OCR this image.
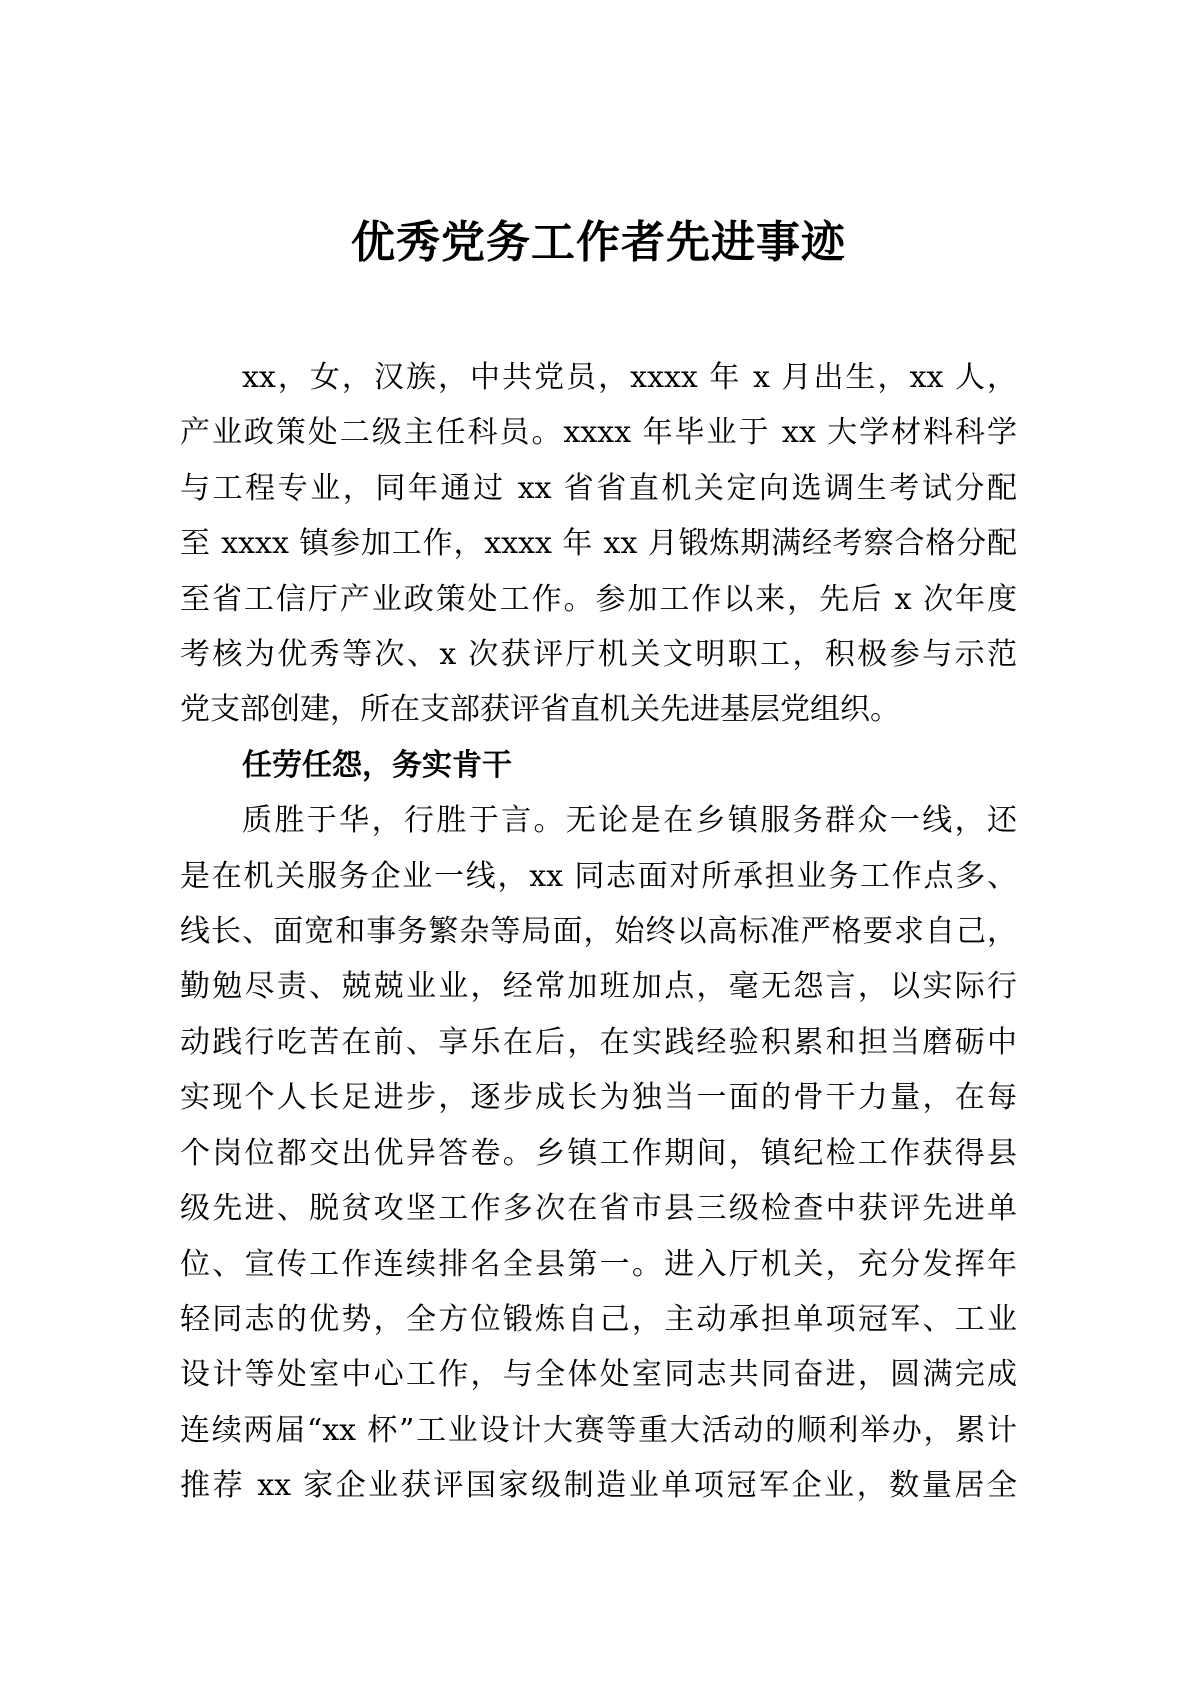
优秀党务工作者先进事迹
xx，女，汉族，中共党员，xxxx 年 x 月出生，xx 人，
产业政策处二级主任科员。xxxx 年毕业于 xx 大学材料科学
与工程专业，同年通过 xx 省省直机关定向选调生考试分配
至 xxxx 镇参加工作，xxxx 年 xx 月锻炼期满经考察合格分配
至省工信厅产业政策处工作。参加工作以来，先后 x 次年度
考核为优秀等次、x 次获评厅机关文明职工，积极参与示范
党支部创建，所在支部获评省直机关先进基层党组织。
任劳任怨，务实肯干
质胜于华，行胜于言。无论是在乡镇服务群众一线，还
是在机关服务企业一线，xx 同志面对所承担业务工作点多、
线长、面宽和事务繁杂等局面，始终以高标准严格要求自己，
勤勉尽责、兢兢业业，经常加班加点，毫无怨言，以实际行
动践行吃苦在前、享乐在后，在实践经验积累和担当磨砺中
实现个人长足进步，逐步成长为独当一面的骨干力量，在每
个岗位都交出优异答卷。乡镇工作期间，镇纪检工作获得县
级先进、脱贫攻坚工作多次在省市县三级检查中获评先进单
位、宣传工作连续排名全县第一。进入厅机关，充分发挥年
轻同志的优势，全方位锻炼自己，主动承担单项冠军、工业
设计等处室中心工作，与全体处室同志共同奋进，圆满完成
连续两届“xx 杯”工业设计大赛等重大活动的顺利举办，累计
推荐 xx 家企业获评国家级制造业单项冠军企业，数量居全
